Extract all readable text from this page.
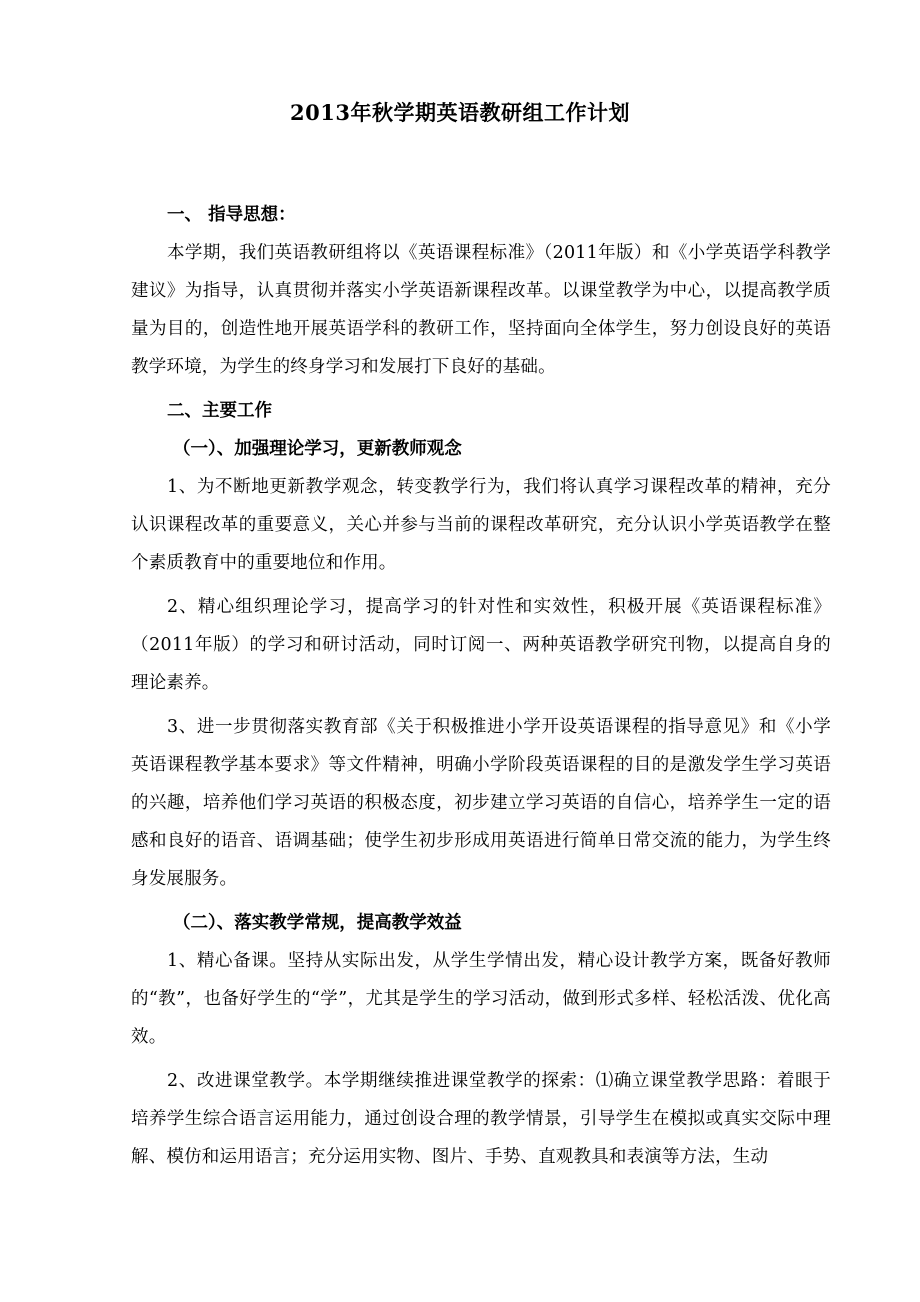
2013年秋学期英语教研组工作计划

一、 指导思想：

本学期，我们英语教研组将以《英语课程标准》（2011年版）和《小学英语学科教学建议》为指导，认真贯彻并落实小学英语新课程改革。以课堂教学为中心，以提高教学质量为目的，创造性地开展英语学科的教研工作，坚持面向全体学生，努力创设良好的英语教学环境，为学生的终身学习和发展打下良好的基础。

二、主要工作

（一）、加强理论学习，更新教师观念

1、为不断地更新教学观念，转变教学行为，我们将认真学习课程改革的精神，充分认识课程改革的重要意义，关心并参与当前的课程改革研究，充分认识小学英语教学在整个素质教育中的重要地位和作用。

2、精心组织理论学习，提高学习的针对性和实效性，积极开展《英语课程标准》（2011年版）的学习和研讨活动，同时订阅一、两种英语教学研究刊物，以提高自身的理论素养。

3、进一步贯彻落实教育部《关于积极推进小学开设英语课程的指导意见》和《小学英语课程教学基本要求》等文件精神，明确小学阶段英语课程的目的是激发学生学习英语的兴趣，培养他们学习英语的积极态度，初步建立学习英语的自信心，培养学生一定的语感和良好的语音、语调基础；使学生初步形成用英语进行简单日常交流的能力，为学生终身发展服务。

（二）、落实教学常规，提高教学效益

1、精心备课。坚持从实际出发，从学生学情出发，精心设计教学方案，既备好教师的“教”，也备好学生的“学”，尤其是学生的学习活动，做到形式多样、轻松活泼、优化高效。

2、改进课堂教学。本学期继续推进课堂教学的探索：⑴确立课堂教学思路：着眼于培养学生综合语言运用能力，通过创设合理的教学情景，引导学生在模拟或真实交际中理解、模仿和运用语言；充分运用实物、图片、手势、直观教具和表演等方法，生动
